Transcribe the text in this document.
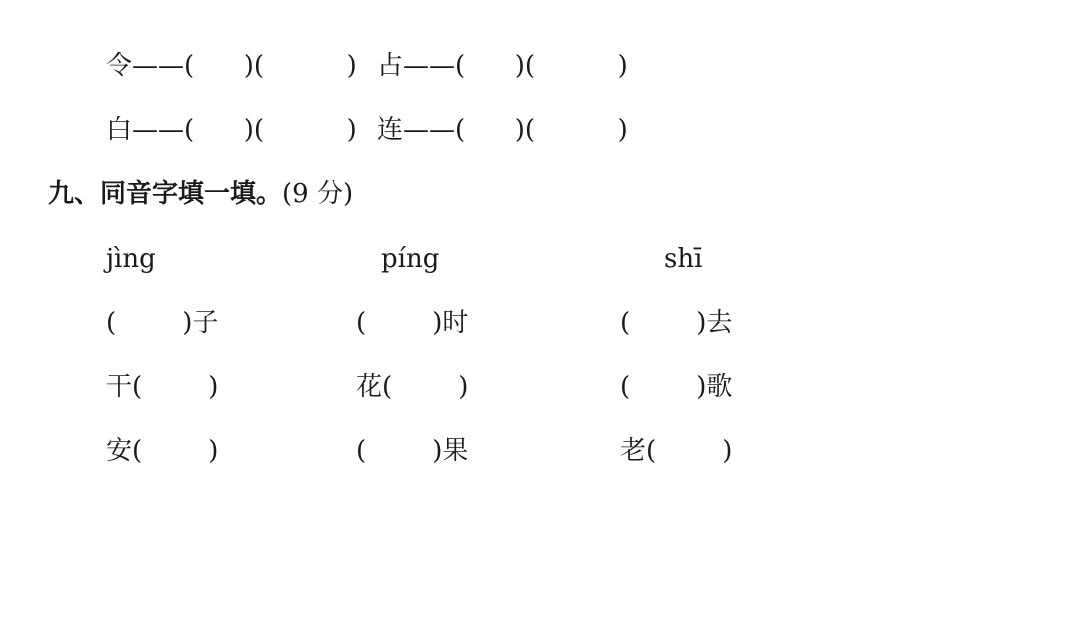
令——(      )(          ) 占——(      )(          )
白——(      )(          ) 连——(      )(          )
九、同音字填一填。(9 分)
jìng	píng	shī
(        )子
干(        )
安(        )
(        )时
花(        )
(        )果
(        )去
(        )歌
老(        )
